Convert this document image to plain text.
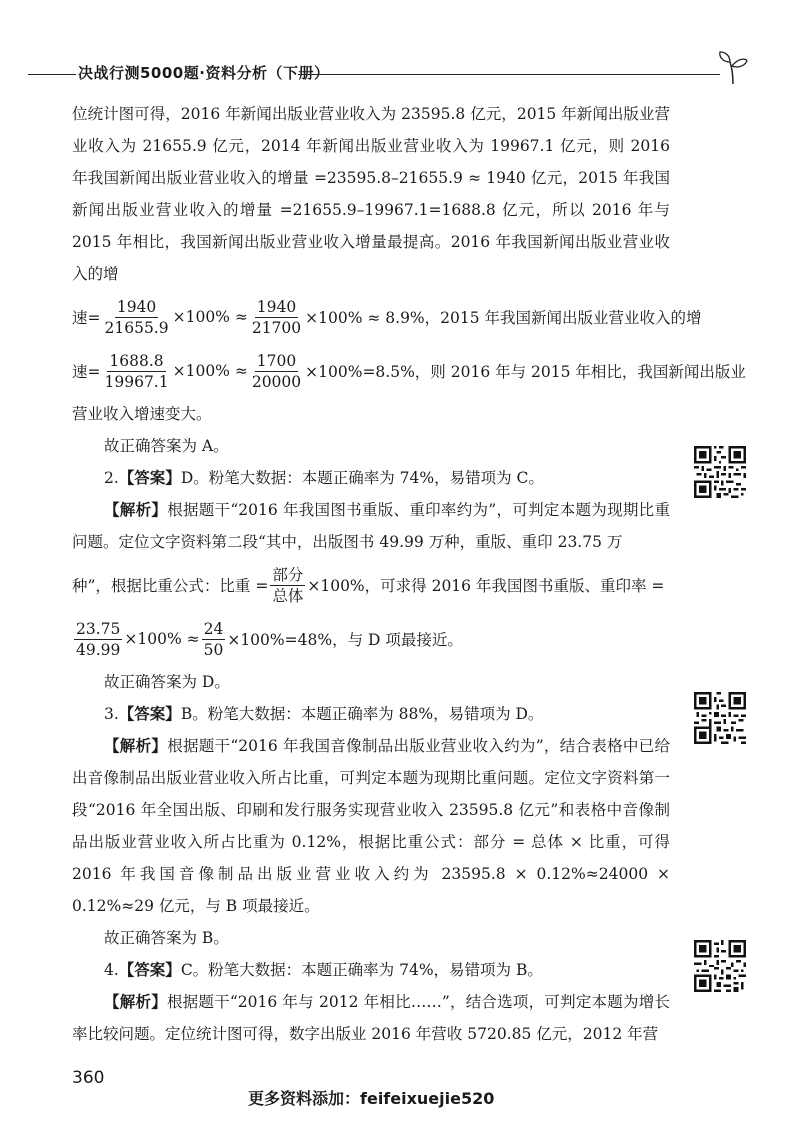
决战行测5000题·资料分析（下册）

位统计图可得，2016 年新闻出版业营业收入为 23595.8 亿元，2015 年新闻出版业营业收入为 21655.9 亿元，2014 年新闻出版业营业收入为 19967.1 亿元，则 2016 年我国新闻出版业营业收入的增量 =23595.8–21655.9 ≈ 1940 亿元，2015 年我国新闻出版业营业收入的增量 =21655.9–19967.1=1688.8 亿元，所以 2016 年与 2015 年相比，我国新闻出版业营业收入增量最提高。2016 年我国新闻出版业营业收入的增

速= $\frac{1940}{21655.9} \times 100\% \approx \frac{1940}{21700} \times 100\% \approx 8.9\%$，2015 年我国新闻出版业营业收入的增
速= $\frac{1688.8}{19967.1} \times 100\% \approx \frac{1700}{20000} \times 100\%=8.5\%$，则 2016 年与 2015 年相比，我国新闻出版业

营业收入增速变大。

故正确答案为 A。

2.【答案】D。粉笔大数据：本题正确率为 74%，易错项为 C。

【解析】根据题干“2016 年我国图书重版、重印率约为”，可判定本题为现期比重问题。定位文字资料第二段“其中，出版图书 49.99 万种，重版、重印 23.75 万

种”，根据比重公式：比重 = $\frac{\text{部分}}{\text{总体}} \times 100\%$，可求得 2016 年我国图书重版、重印率 =
$\frac{23.75}{49.99} \times 100\% \approx \frac{24}{50} \times 100\%=48\%$，与 D 项最接近。

故正确答案为 D。

3.【答案】B。粉笔大数据：本题正确率为 88%，易错项为 D。

【解析】根据题干“2016 年我国音像制品出版业营业收入约为”，结合表格中已给出音像制品出版业营业收入所占比重，可判定本题为现期比重问题。定位文字资料第一段“2016 年全国出版、印刷和发行服务实现营业收入 23595.8 亿元”和表格中音像制品出版业营业收入所占比重为 0.12%，根据比重公式：部分 = 总体 × 比重，可得 2016 年我国音像制品出版业营业收入约为 23595.8 × 0.12%≈24000 × 0.12%≈29 亿元，与 B 项最接近。

故正确答案为 B。

4.【答案】C。粉笔大数据：本题正确率为 74%，易错项为 B。

【解析】根据题干“2016 年与 2012 年相比……”，结合选项，可判定本题为增长率比较问题。定位统计图可得，数字出版业 2016 年营收 5720.85 亿元，2012 年营

360
更多资料添加：feifeixuejie520
